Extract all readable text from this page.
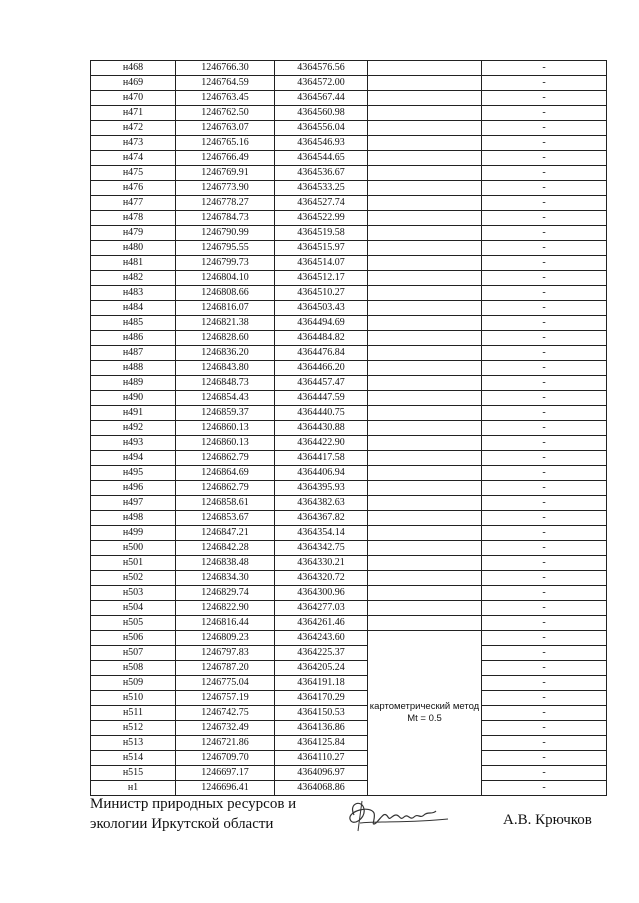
н468	1246766.30	4364576.56		-
н469	1246764.59	4364572.00		-
н470	1246763.45	4364567.44		-
н471	1246762.50	4364560.98		-
н472	1246763.07	4364556.04		-
н473	1246765.16	4364546.93		-
н474	1246766.49	4364544.65		-
н475	1246769.91	4364536.67		-
н476	1246773.90	4364533.25		-
н477	1246778.27	4364527.74		-
н478	1246784.73	4364522.99		-
н479	1246790.99	4364519.58		-
н480	1246795.55	4364515.97		-
н481	1246799.73	4364514.07		-
н482	1246804.10	4364512.17		-
н483	1246808.66	4364510.27		-
н484	1246816.07	4364503.43		-
н485	1246821.38	4364494.69		-
н486	1246828.60	4364484.82		-
н487	1246836.20	4364476.84		-
н488	1246843.80	4364466.20		-
н489	1246848.73	4364457.47		-
н490	1246854.43	4364447.59		-
н491	1246859.37	4364440.75		-
н492	1246860.13	4364430.88		-
н493	1246860.13	4364422.90		-
н494	1246862.79	4364417.58		-
н495	1246864.69	4364406.94		-
н496	1246862.79	4364395.93		-
н497	1246858.61	4364382.63		-
н498	1246853.67	4364367.82		-
н499	1246847.21	4364354.14		-
н500	1246842.28	4364342.75		-
н501	1246838.48	4364330.21		-
н502	1246834.30	4364320.72		-
н503	1246829.74	4364300.96		-
н504	1246822.90	4364277.03		-
н505	1246816.44	4364261.46		-
н506	1246809.23	4364243.60	картометрический метод Mt = 0.5	-
н507	1246797.83	4364225.37		-
н508	1246787.20	4364205.24		-
н509	1246775.04	4364191.18		-
н510	1246757.19	4364170.29		-
н511	1246742.75	4364150.53		-
н512	1246732.49	4364136.86		-
н513	1246721.86	4364125.84		-
н514	1246709.70	4364110.27		-
н515	1246697.17	4364096.97		-
н1	1246696.41	4364068.86		-
Министр природных ресурсов и
экологии Иркутской области	А.В. Крючков
